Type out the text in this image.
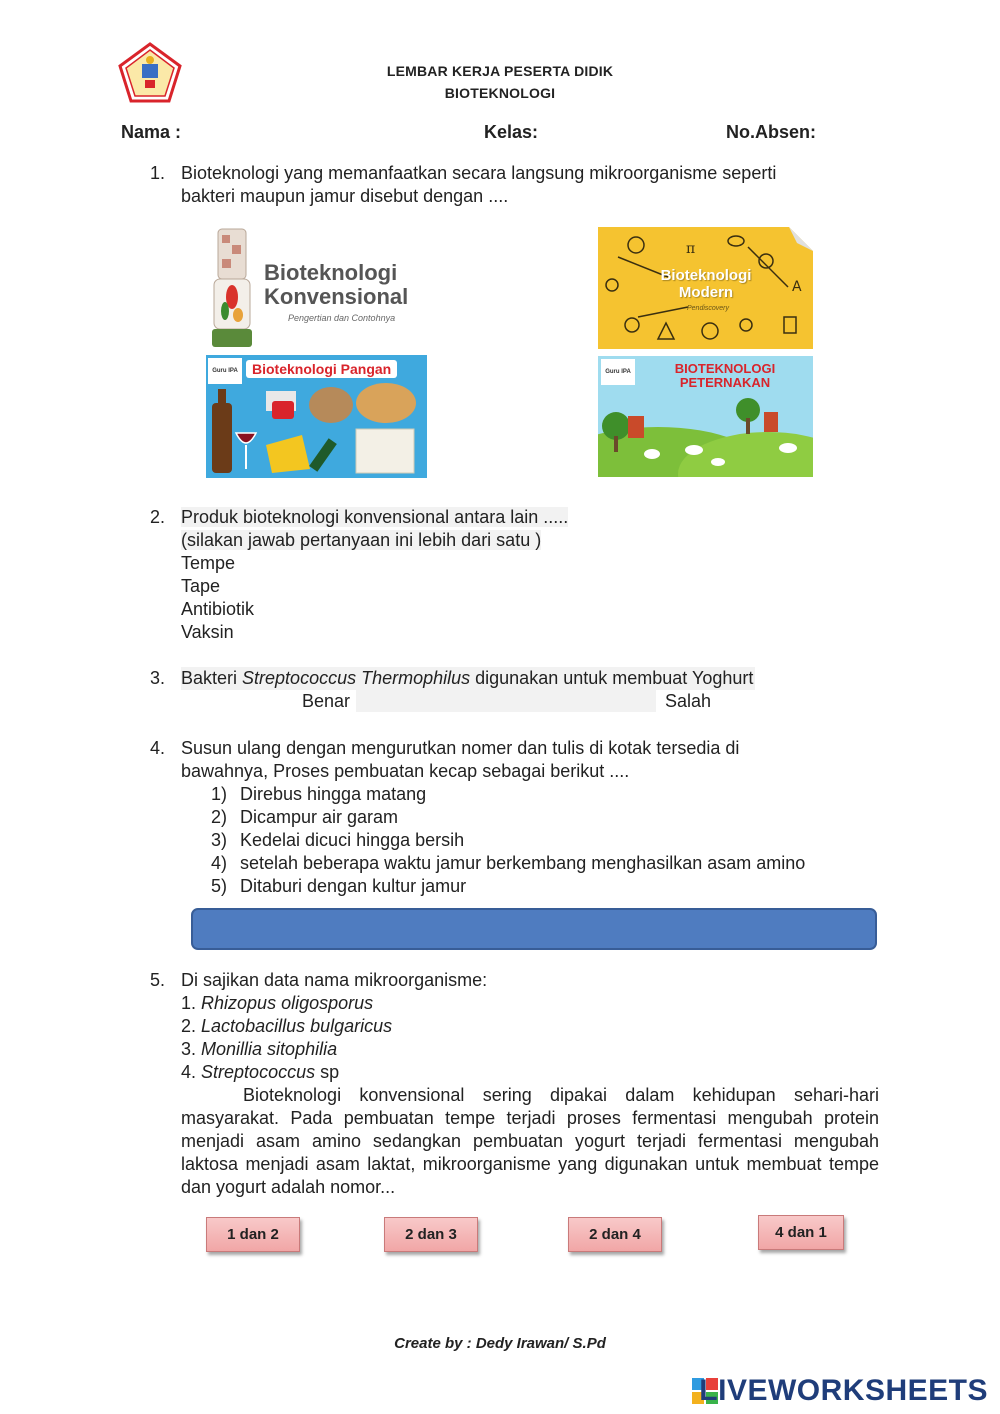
LEMBAR KERJA PESERTA DIDIK
BIOTEKNOLOGI
Nama :	Kelas:	No.Absen:
1. Bioteknologi yang memanfaatkan secara langsung mikroorganisme seperti
bakteri maupun jamur disebut dengan ....
Bioteknologi
Konvensional
Pengertian dan Contohnya
π
A
Bioteknologi
Modern
Pendiscovery
Guru IPA	Bioteknologi Pangan	Guru IPA	BIOTEKNOLOGI
PETERNAKAN
2. Produk bioteknologi konvensional antara lain .....
(silakan jawab pertanyaan ini lebih dari satu )
Tempe
Tape
Antibiotik
Vaksin
3. Bakteri Streptococcus Thermophilus digunakan untuk membuat Yoghurt
Benar	Salah
4. Susun ulang dengan mengurutkan nomer dan tulis di kotak tersedia di
bawahnya, Proses pembuatan kecap sebagai berikut ....
1) Direbus hingga matang
2) Dicampur air garam
3) Kedelai dicuci hingga bersih
4) setelah beberapa waktu jamur berkembang menghasilkan asam amino
5) Ditaburi dengan kultur jamur
5. Di sajikan data nama mikroorganisme:
1. Rhizopus oligosporus
2. Lactobacillus bulgaricus
3. Monillia sitophilia
4. Streptococcus sp
Bioteknologi konvensional sering dipakai dalam kehidupan sehari-hari masyarakat. Pada pembuatan tempe terjadi proses fermentasi mengubah protein menjadi asam amino sedangkan pembuatan yogurt terjadi fermentasi mengubah laktosa menjadi asam laktat, mikroorganisme yang digunakan untuk membuat tempe dan yogurt adalah nomor...
1 dan 2	2 dan 3	2 dan 4	4 dan 1
Create by : Dedy Irawan/ S.Pd
LIVEWORKSHEETS
